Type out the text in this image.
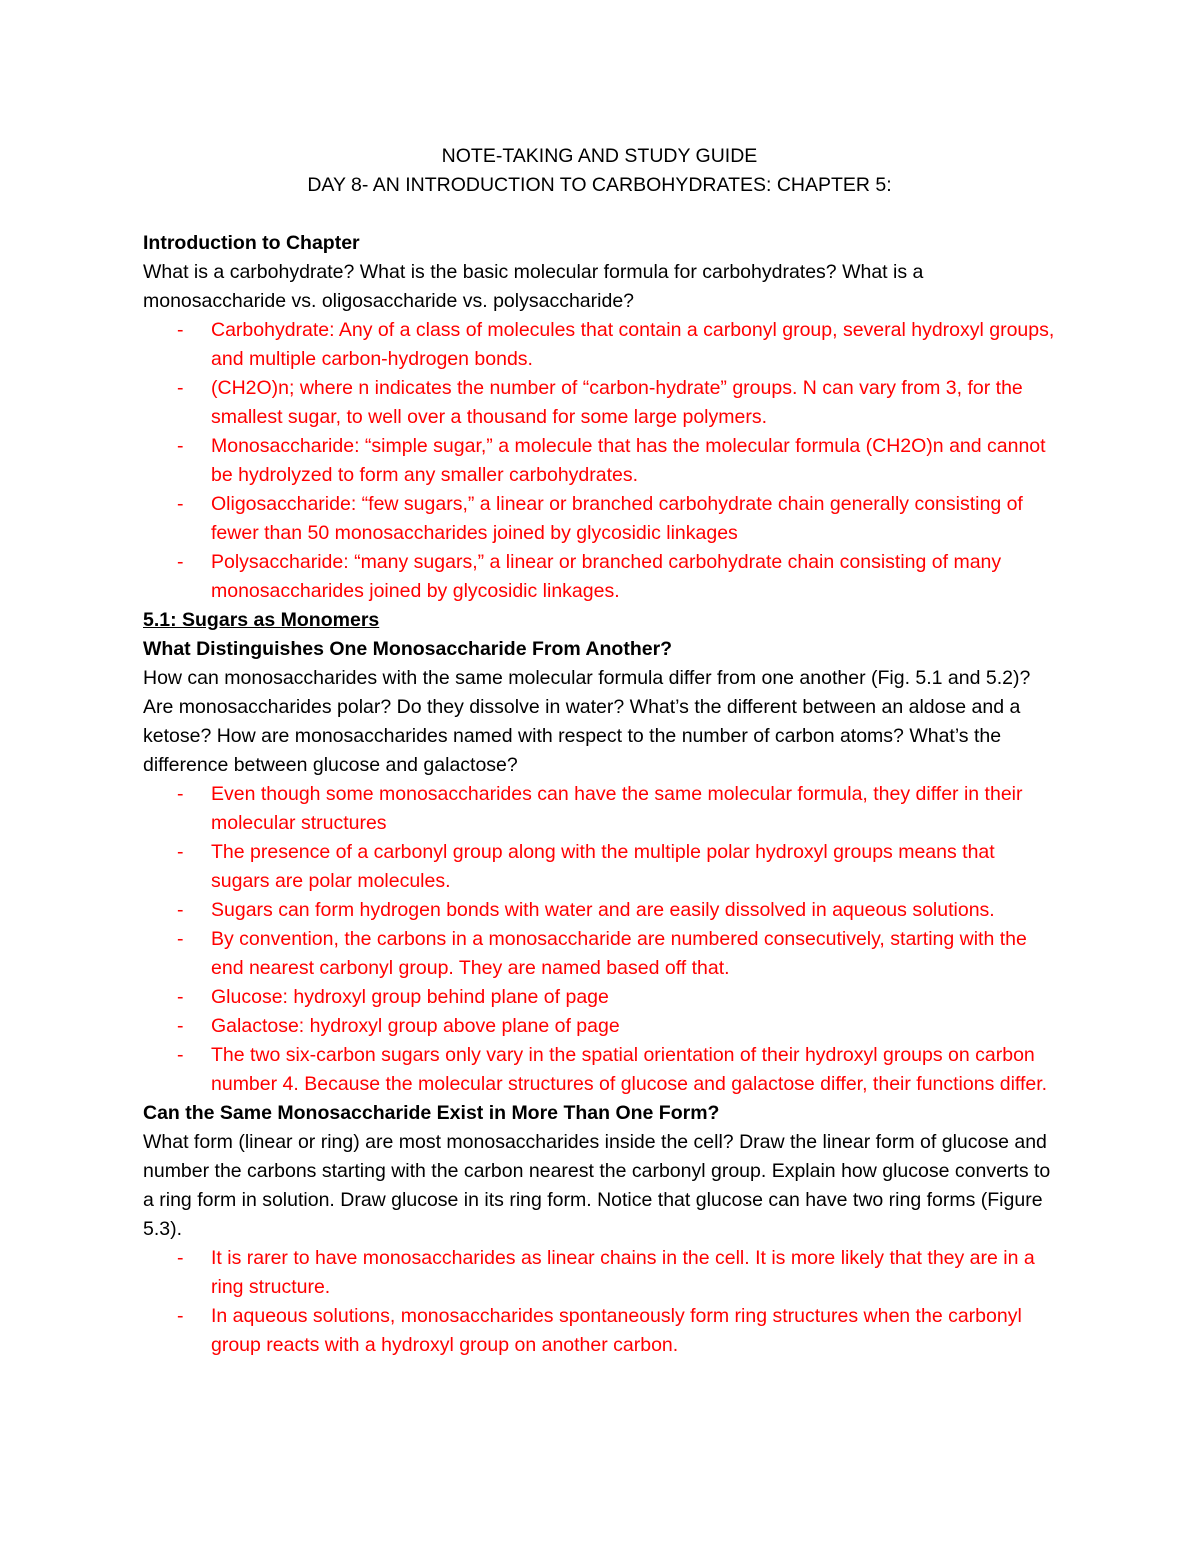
NOTE-TAKING AND STUDY GUIDE

DAY 8- AN INTRODUCTION TO CARBOHYDRATES: CHAPTER 5:

Introduction to Chapter

What is a carbohydrate? What is the basic molecular formula for carbohydrates? What is a monosaccharide vs. oligosaccharide vs. polysaccharide?

- Carbohydrate: Any of a class of molecules that contain a carbonyl group, several hydroxyl groups, and multiple carbon-hydrogen bonds.
- (CH2O)n; where n indicates the number of “carbon-hydrate” groups. N can vary from 3, for the smallest sugar, to well over a thousand for some large polymers.
- Monosaccharide: “simple sugar,” a molecule that has the molecular formula (CH2O)n and cannot be hydrolyzed to form any smaller carbohydrates.
- Oligosaccharide: “few sugars,” a linear or branched carbohydrate chain generally consisting of fewer than 50 monosaccharides joined by glycosidic linkages
- Polysaccharide: “many sugars,” a linear or branched carbohydrate chain consisting of many monosaccharides joined by glycosidic linkages.

5.1: Sugars as Monomers

What Distinguishes One Monosaccharide From Another?

How can monosaccharides with the same molecular formula differ from one another (Fig. 5.1 and 5.2)? Are monosaccharides polar? Do they dissolve in water? What’s the different between an aldose and a ketose? How are monosaccharides named with respect to the number of carbon atoms? What’s the difference between glucose and galactose?

- Even though some monosaccharides can have the same molecular formula, they differ in their molecular structures
- The presence of a carbonyl group along with the multiple polar hydroxyl groups means that sugars are polar molecules.
- Sugars can form hydrogen bonds with water and are easily dissolved in aqueous solutions.
- By convention, the carbons in a monosaccharide are numbered consecutively, starting with the end nearest carbonyl group. They are named based off that.
- Glucose: hydroxyl group behind plane of page
- Galactose: hydroxyl group above plane of page
- The two six-carbon sugars only vary in the spatial orientation of their hydroxyl groups on carbon number 4. Because the molecular structures of glucose and galactose differ, their functions differ.

Can the Same Monosaccharide Exist in More Than One Form?

What form (linear or ring) are most monosaccharides inside the cell? Draw the linear form of glucose and number the carbons starting with the carbon nearest the carbonyl group. Explain how glucose converts to a ring form in solution. Draw glucose in its ring form. Notice that glucose can have two ring forms (Figure 5.3).

- It is rarer to have monosaccharides as linear chains in the cell. It is more likely that they are in a ring structure.
- In aqueous solutions, monosaccharides spontaneously form ring structures when the carbonyl group reacts with a hydroxyl group on another carbon.
